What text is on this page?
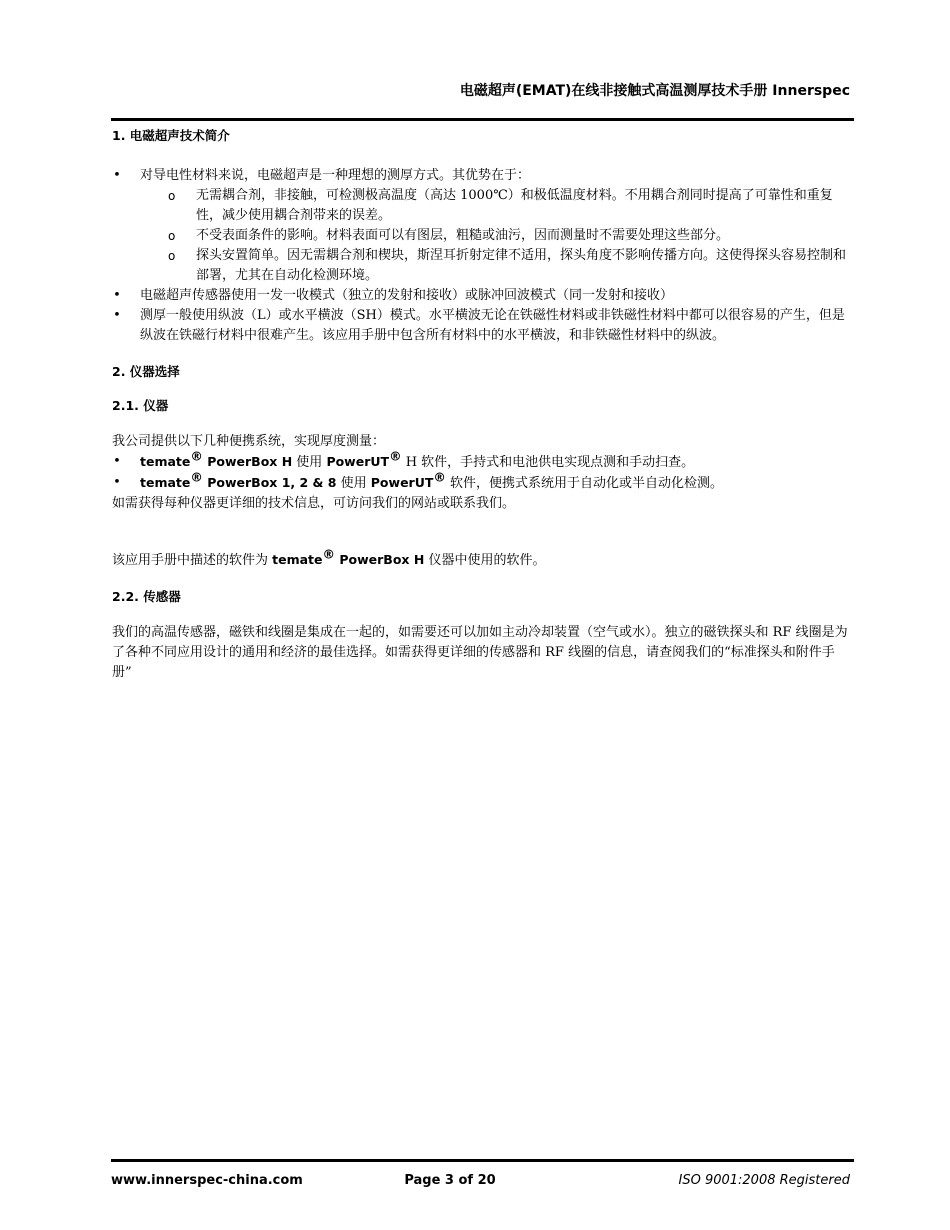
电磁超声(EMAT)在线非接触式高温测厚技术手册 Innerspec
1. 电磁超声技术简介
• 对导电性材料来说，电磁超声是一种理想的测厚方式。其优势在于：
o 无需耦合剂，非接触，可检测极高温度（高达 1000℃）和极低温度材料。不用耦合剂同时提高了可靠性和重复性，减少使用耦合剂带来的误差。
o 不受表面条件的影响。材料表面可以有图层，粗糙或油污，因而测量时不需要处理这些部分。
o 探头安置简单。因无需耦合剂和楔块，斯涅耳折射定律不适用，探头角度不影响传播方向。这使得探头容易控制和部署，尤其在自动化检测环境。
• 电磁超声传感器使用一发一收模式（独立的发射和接收）或脉冲回波模式（同一发射和接收）
• 测厚一般使用纵波（L）或水平横波（SH）模式。水平横波无论在铁磁性材料或非铁磁性材料中都可以很容易的产生，但是纵波在铁磁行材料中很难产生。该应用手册中包含所有材料中的水平横波，和非铁磁性材料中的纵波。
2. 仪器选择
2.1. 仪器
我公司提供以下几种便携系统，实现厚度测量：
• temate® PowerBox H 使用 PowerUT® H 软件，手持式和电池供电实现点测和手动扫查。
• temate® PowerBox 1, 2 & 8 使用 PowerUT® 软件，便携式系统用于自动化或半自动化检测。
如需获得每种仪器更详细的技术信息，可访问我们的网站或联系我们。
该应用手册中描述的软件为 temate® PowerBox H 仪器中使用的软件。
2.2. 传感器
我们的高温传感器，磁铁和线圈是集成在一起的，如需要还可以加如主动冷却装置（空气或水）。独立的磁铁探头和 RF 线圈是为了各种不同应用设计的通用和经济的最佳选择。如需获得更详细的传感器和 RF 线圈的信息，请查阅我们的“标准探头和附件手册”
www.innerspec-china.com	Page 3 of 20	ISO 9001:2008 Registered
